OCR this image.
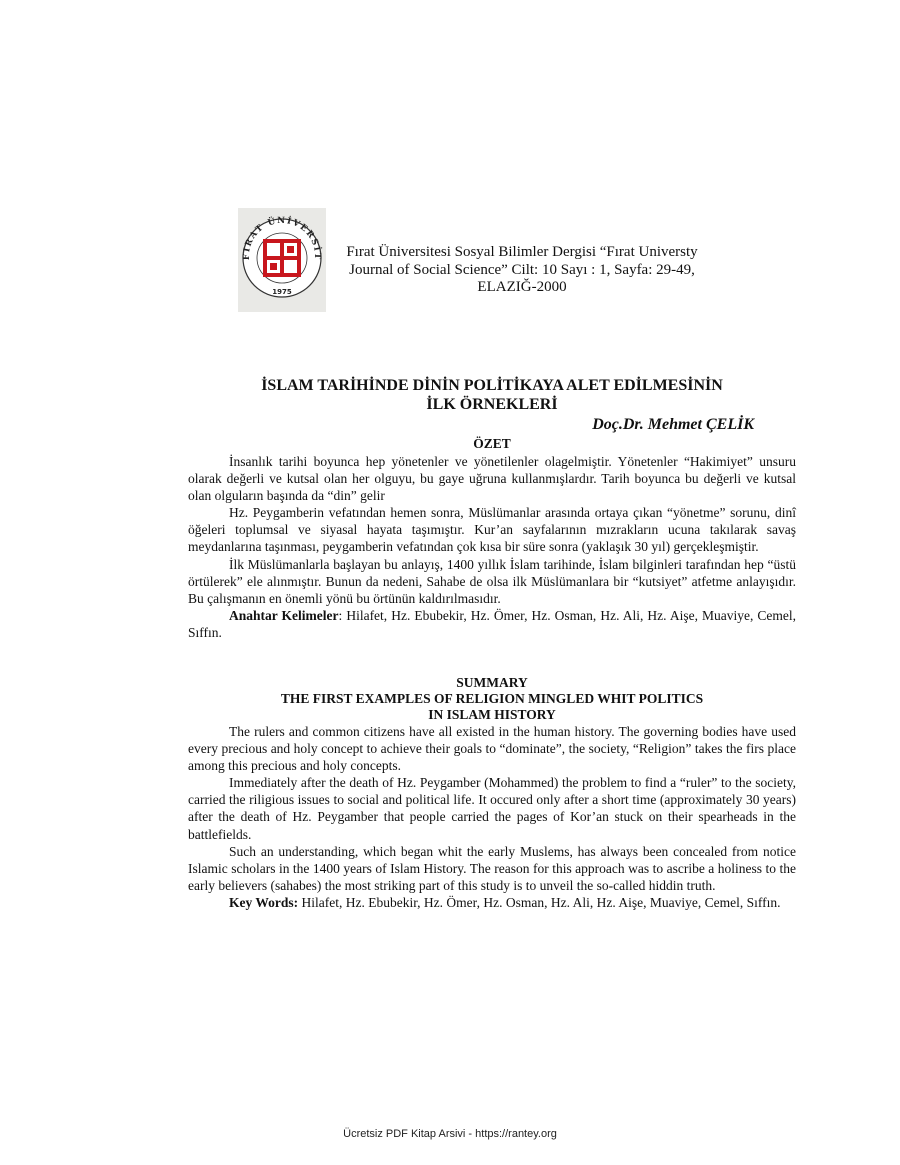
FIRAT ÜNİVERSİT
1975
Fırat Üniversitesi Sosyal Bilimler Dergisi “Fırat Universty
Journal of Social Science” Cilt: 10 Sayı : 1, Sayfa: 29-49,
ELAZIĞ-2000
İSLAM TARİHİNDE DİNİN POLİTİKAYA ALET EDİLMESİNİN
İLK ÖRNEKLERİ
Doç.Dr. Mehmet ÇELİK
ÖZET

İnsanlık tarihi boyunca hep yönetenler ve yönetilenler olagelmiştir. Yönetenler “Hakimiyet” unsuru olarak değerli ve kutsal olan her olguyu, bu gaye uğruna kullanmışlardır. Tarih boyunca bu değerli ve kutsal olan olguların başında da “din” gelir

Hz. Peygamberin vefatından hemen sonra, Müslümanlar arasında ortaya çıkan “yönetme” sorunu, dinî öğeleri toplumsal ve siyasal hayata taşımıştır. Kur’an sayfalarının mızrakların ucuna takılarak savaş meydanlarına taşınması, peygamberin vefatından çok kısa bir süre sonra (yaklaşık 30 yıl) gerçekleşmiştir.

İlk Müslümanlarla başlayan bu anlayış, 1400 yıllık İslam tarihinde, İslam bilginleri tarafından hep “üstü örtülerek” ele alınmıştır. Bunun da nedeni, Sahabe de olsa ilk Müslümanlara bir “kutsiyet” atfetme anlayışıdır. Bu çalışmanın en önemli yönü bu örtünün kaldırılmasıdır.

Anahtar Kelimeler: Hilafet, Hz. Ebubekir, Hz. Ömer, Hz. Osman, Hz. Ali, Hz. Aişe, Muaviye, Cemel, Sıffın.

SUMMARY
THE FIRST EXAMPLES OF RELIGION MINGLED WHIT POLITICS
IN ISLAM HISTORY

The rulers and common citizens have all existed in the human history. The governing bodies have used every precious and holy concept to achieve their goals to “dominate”, the society, “Religion” takes the firs place among this precious and holy concepts.

Immediately after the death of Hz. Peygamber (Mohammed) the problem to find a “ruler” to the society, carried the riligious issues to social and political life. It occured only after a short time (approximately 30 years) after the death of Hz. Peygamber that people carried the pages of Kor’an stuck on their spearheads in the battlefields.

Such an understanding, which began whit the early Muslems, has always been concealed from notice Islamic scholars in the 1400 years of Islam History. The reason for this approach was to ascribe a holiness to the early believers (sahabes) the most striking part of this study is to unveil the so-called hiddin truth.

Key Words: Hilafet, Hz. Ebubekir, Hz. Ömer, Hz. Osman, Hz. Ali, Hz. Aişe, Muaviye, Cemel, Sıffın.

Ücretsiz PDF Kitap Arsivi - https://rantey.org
